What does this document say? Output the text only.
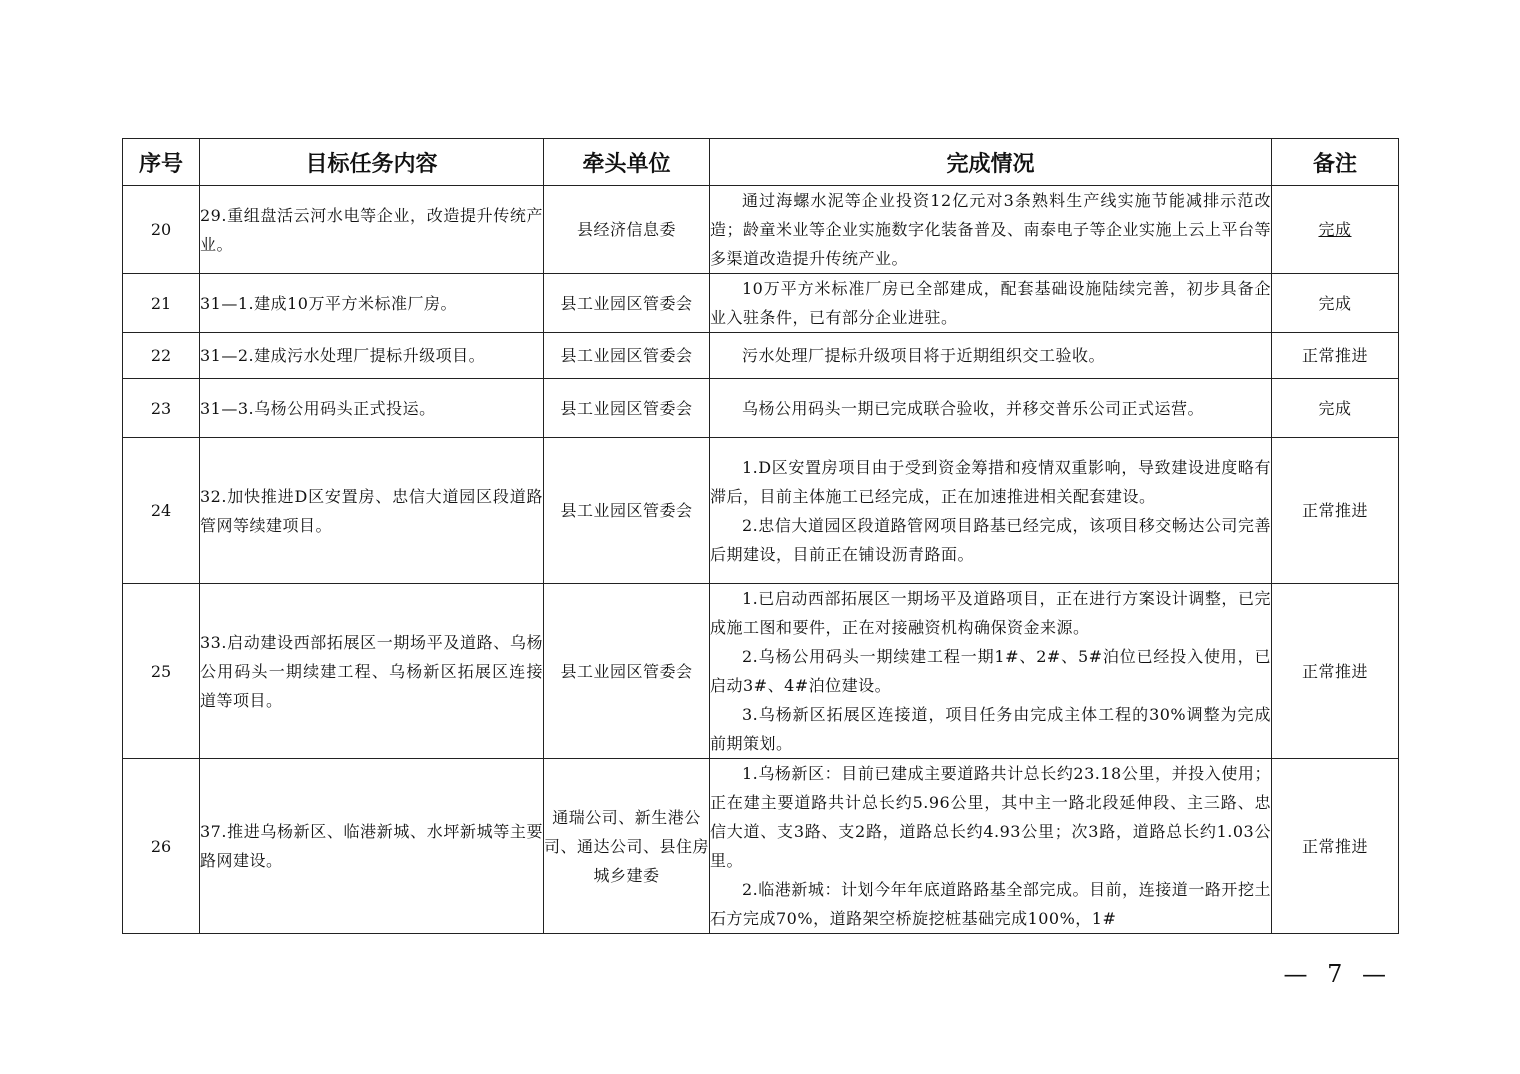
序号	目标任务内容	牵头单位	完成情况	备注
20	29.重组盘活云河水电等企业，改造提升传统产业。	县经济信息委	通过海螺水泥等企业投资12亿元对3条熟料生产线实施节能减排示范改造；龄童米业等企业实施数字化装备普及、南泰电子等企业实施上云上平台等多渠道改造提升传统产业。	完成
21	31—1.建成10万平方米标准厂房。	县工业园区管委会	10万平方米标准厂房已全部建成，配套基础设施陆续完善，初步具备企业入驻条件，已有部分企业进驻。	完成
22	31—2.建成污水处理厂提标升级项目。	县工业园区管委会	污水处理厂提标升级项目将于近期组织交工验收。	正常推进
23	31—3.乌杨公用码头正式投运。	县工业园区管委会	乌杨公用码头一期已完成联合验收，并移交普乐公司正式运营。	完成
24	32.加快推进D区安置房、忠信大道园区段道路管网等续建项目。	县工业园区管委会	1.D区安置房项目由于受到资金筹措和疫情双重影响，导致建设进度略有滞后，目前主体施工已经完成，正在加速推进相关配套建设。

2.忠信大道园区段道路管网项目路基已经完成，该项目移交畅达公司完善后期建设，目前正在铺设沥青路面。	正常推进
25	33.启动建设西部拓展区一期场平及道路、乌杨公用码头一期续建工程、乌杨新区拓展区连接道等项目。	县工业园区管委会	1.已启动西部拓展区一期场平及道路项目，正在进行方案设计调整，已完成施工图和要件，正在对接融资机构确保资金来源。

2.乌杨公用码头一期续建工程一期1#、2#、5#泊位已经投入使用，已启动3#、4#泊位建设。

3.乌杨新区拓展区连接道，项目任务由完成主体工程的30%调整为完成前期策划。	正常推进
26	37.推进乌杨新区、临港新城、水坪新城等主要路网建设。	通瑞公司、新生港公司、通达公司、县住房城乡建委	1.乌杨新区：目前已建成主要道路共计总长约23.18公里，并投入使用；正在建主要道路共计总长约5.96公里，其中主一路北段延伸段、主三路、忠信大道、支3路、支2路，道路总长约4.93公里；次3路，道路总长约1.03公里。

2.临港新城：计划今年年底道路路基全部完成。目前，连接道一路开挖土石方完成70%，道路架空桥旋挖桩基础完成100%，1#	正常推进
— 7 —
